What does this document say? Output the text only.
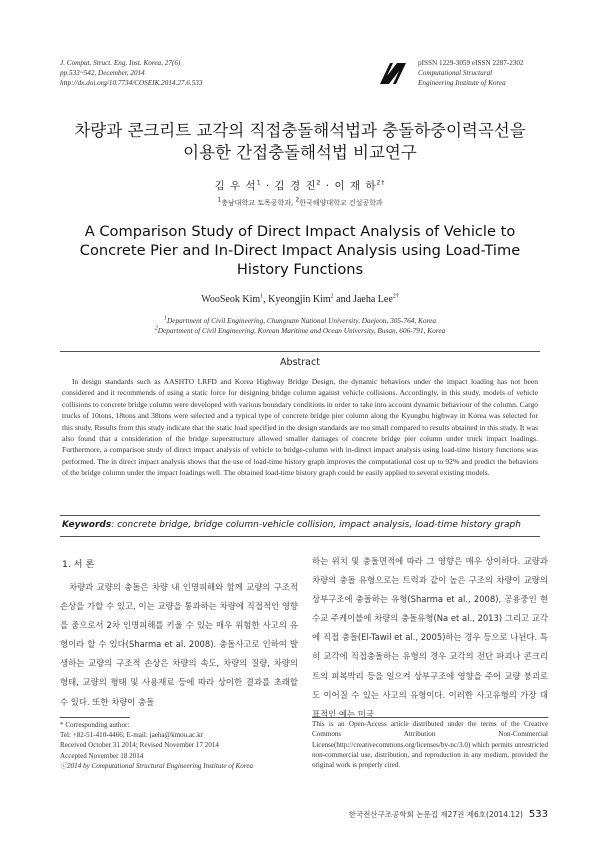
J. Comput. Struct. Eng. Inst. Korea, 27(6)
pp.533~542, December, 2014
http://dx.doi.org/10.7734/COSEIK.2014.27.6.533
pISSN 1229-3059 eISSN 2287-2302
Computational Structural
Engineering Institute of Korea
차량과 콘크리트 교각의 직접충돌해석법과 충돌하중이력곡선을
이용한 간접충돌해석법 비교연구
김 우 석$^1$ · 김 경 진$^2$ · 이 재 하$^{2\dagger}$
$^1$충남대학교 토목공학과, $^2$한국해양대학교 건설공학과
A Comparison Study of Direct Impact Analysis of Vehicle to
Concrete Pier and In-Direct Impact Analysis using Load-Time
History Functions
WooSeok Kim$^1$, Kyeongjin Kim$^2$ and Jaeha Lee$^{2\dagger}$
$^1$Department of Civil Engineering, Chungnam National University, Daejeon, 305-764, Korea
$^2$Department of Civil Engineering, Korean Maritime and Ocean University, Busan, 606-791, Korea
Abstract
In design standards such as AASHTO LRFD and Korea Highway Bridge Design, the dynamic behaviors under the impact loading has not been considered and it recommends of using a static force for designing bridge column against vehicle collisions. Accordingly, in this study, models of vehicle collisions to concrete bridge column were developed with various boundary conditions in order to take into account dynamic behaviour of the column. Cargo trucks of 10tons, 18tons and 38tons were selected and a typical type of concrete bridge pier column along the Kyungbu highway in Korea was selected for this study. Results from this study indicate that the static load specified in the design standards are too small compared to results obtained in this study. It was also found that a consideration of the bridge superstructure allowed smaller damages of concrete bridge pier column under truck impact loadings. Furthermore, a comparison study of direct impact analysis of vehicle to bridge-column with in-direct impact analysis using load-time history functions was performed. The in direct impact analysis shows that the use of load-time history graph improves the computational cost up to 92% and predict the behaviors of the bridge column under the impact loadings well. The obtained load-time history graph could be easily applied to several existing models.
Keywords: concrete bridge, bridge column-vehicle collision, impact analysis, load-time history graph
1. 서 론
차량과 교량의 충돌은 차량 내 인명피해와 함께 교량의 구조적 손상을 가할 수 있고, 이는 교량을 통과하는 차량에 직접적인 영향을 줌으로서 2차 인명피해를 키울 수 있는 매우 위험한 사고의 유형이라 할 수 있다(Sharma et al. 2008). 충돌사고로 인하여 발생하는 교량의 구조적 손상은 차량의 속도, 차량의 질량, 차량의 형태, 교량의 형태 및 사용재료 등에 따라 상이한 결과를 초래할 수 있다. 또한 차량이 충돌
하는 위치 및 충돌면적에 따라 그 영향은 매우 상이하다. 교량과 차량의 충돌 유형으로는 트럭과 같이 높은 구조의 차량이 교량의 상부구조에 충돌하는 유형(Sharma et al., 2008), 공용중인 현수교 주케이블에 차량의 충돌유형(Na et al., 2013) 그리고 교각에 직접 충돌(El-Tawil et al., 2005)하는 경우 등으로 나뉜다. 특히 교각에 직접충돌하는 유형의 경우 교각의 전단 파괴나 콘크리트의 피복박리 등을 일으켜 상부구조에 영향을 주어 교량 붕괴로도 이어질 수 있는 사고의 유형이다. 이러한 사고유형의 가장 대표적인 예는 미국
* Corresponding author:
Tel: +82-51-410-4466; E-mail: jaeha@kmou.ac.kr
Received October 31 2014; Revised November 17 2014
Accepted November 18 2014
ⓒ2014 by Computational Structural Engineering Institute of Korea
This is an Open-Access article distributed under the terms of the Creative Commons Attribution Non-Commercial License(http://creativecommons.org/licenses/by-nc/3.0) which permits unrestricted non-commercial use, distribution, and reproduction in any medium, provided the original work is properly cited.
한국전산구조공학회 논문집 제27권 제6호(2014.12) 533
